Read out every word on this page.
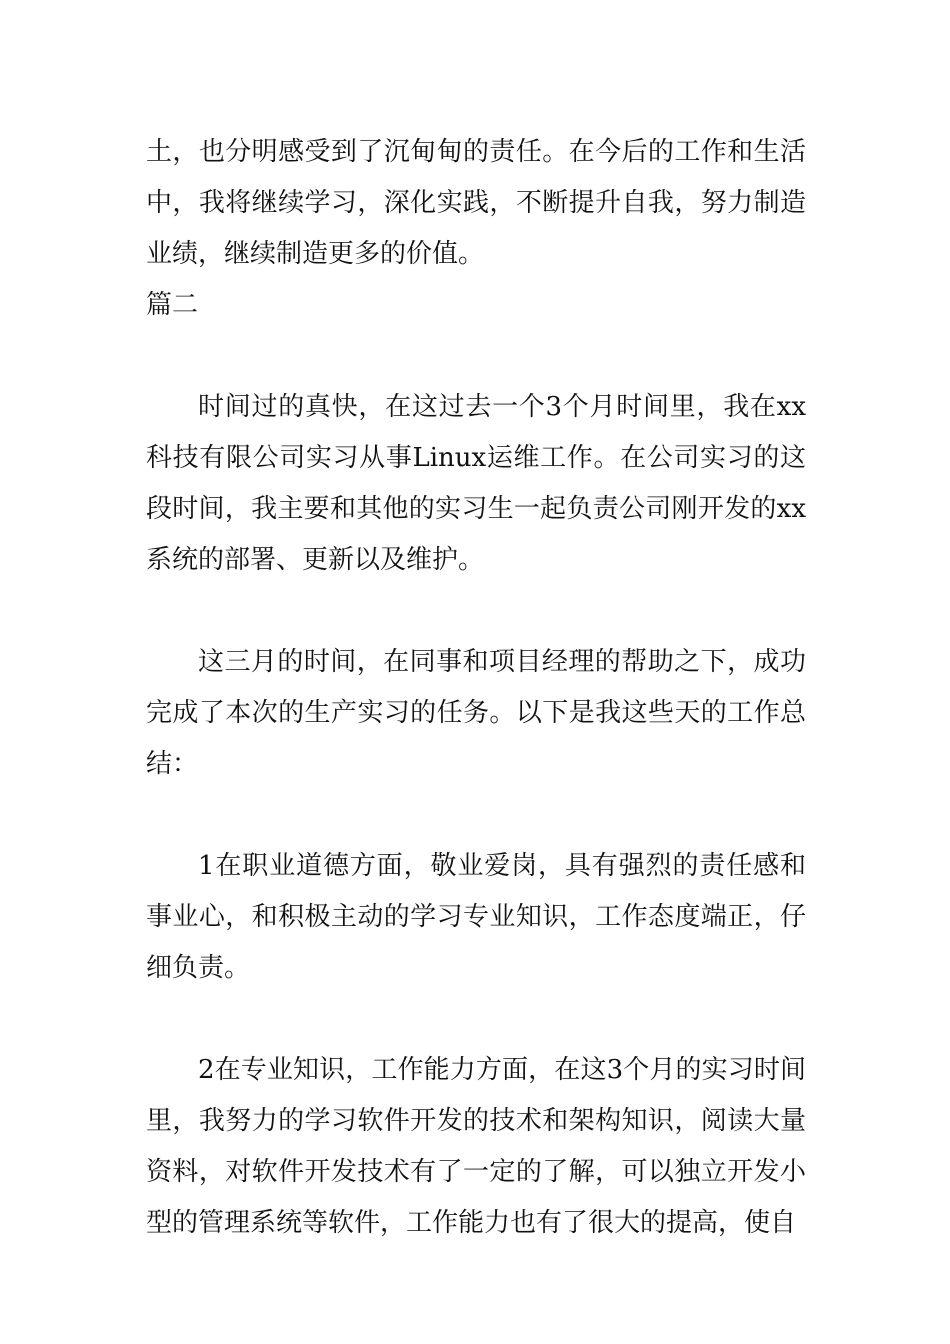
土，也分明感受到了沉甸甸的责任。在今后的工作和生活中，我将继续学习，深化实践，不断提升自我，努力制造业绩，继续制造更多的价值。

篇二

时间过的真快，在这过去一个3个月时间里，我在xx科技有限公司实习从事Linux运维工作。在公司实习的这段时间，我主要和其他的实习生一起负责公司刚开发的xx系统的部署、更新以及维护。

这三月的时间，在同事和项目经理的帮助之下，成功完成了本次的生产实习的任务。以下是我这些天的工作总结：

1在职业道德方面，敬业爱岗，具有强烈的责任感和事业心，和积极主动的学习专业知识，工作态度端正，仔细负责。

2在专业知识，工作能力方面，在这3个月的实习时间里，我努力的学习软件开发的技术和架构知识，阅读大量资料，对软件开发技术有了一定的了解，可以独立开发小型的管理系统等软件，工作能力也有了很大的提高，使自
